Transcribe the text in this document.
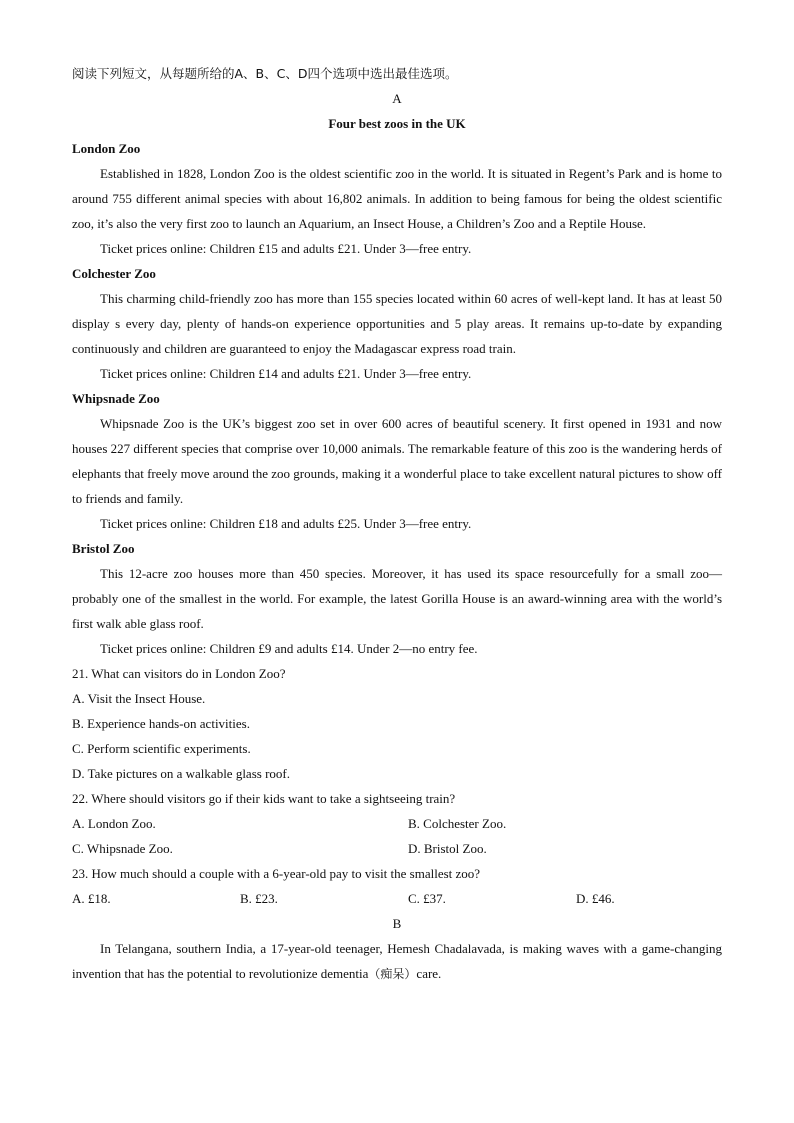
阅读下列短文，从每题所给的A、B、C、D四个选项中选出最佳选项。
A
Four best zoos in the UK
London Zoo
Established in 1828, London Zoo is the oldest scientific zoo in the world. It is situated in Regent’s Park and is home to around 755 different animal species with about 16,802 animals. In addition to being famous for being the oldest scientific zoo, it’s also the very first zoo to launch an Aquarium, an Insect House, a Children’s Zoo and a Reptile House.
Ticket prices online: Children £15 and adults £21. Under 3—free entry.
Colchester Zoo
This charming child-friendly zoo has more than 155 species located within 60 acres of well-kept land. It has at least 50 display s every day, plenty of hands-on experience opportunities and 5 play areas. It remains up-to-date by expanding continuously and children are guaranteed to enjoy the Madagascar express road train.
Ticket prices online: Children £14 and adults £21. Under 3—free entry.
Whipsnade Zoo
Whipsnade Zoo is the UK’s biggest zoo set in over 600 acres of beautiful scenery. It first opened in 1931 and now houses 227 different species that comprise over 10,000 animals. The remarkable feature of this zoo is the wandering herds of elephants that freely move around the zoo grounds, making it a wonderful place to take excellent natural pictures to show off to friends and family.
Ticket prices online: Children £18 and adults £25. Under 3—free entry.
Bristol Zoo
This 12-acre zoo houses more than 450 species. Moreover, it has used its space resourcefully for a small zoo—probably one of the smallest in the world. For example, the latest Gorilla House is an award-winning area with the world’s first walk able glass roof.
Ticket prices online: Children £9 and adults £14. Under 2—no entry fee.
21. What can visitors do in London Zoo?
A. Visit the Insect House.
B. Experience hands-on activities.
C. Perform scientific experiments.
D. Take pictures on a walkable glass roof.
22. Where should visitors go if their kids want to take a sightseeing train?
A. London Zoo.	B. Colchester Zoo.
C. Whipsnade Zoo.	D. Bristol Zoo.
23. How much should a couple with a 6-year-old pay to visit the smallest zoo?
A. £18.	B. £23.	C. £37.	D. £46.
B
In Telangana, southern India, a 17-year-old teenager, Hemesh Chadalavada, is making waves with a game-changing invention that has the potential to revolutionize dementia（痴呆）care.
